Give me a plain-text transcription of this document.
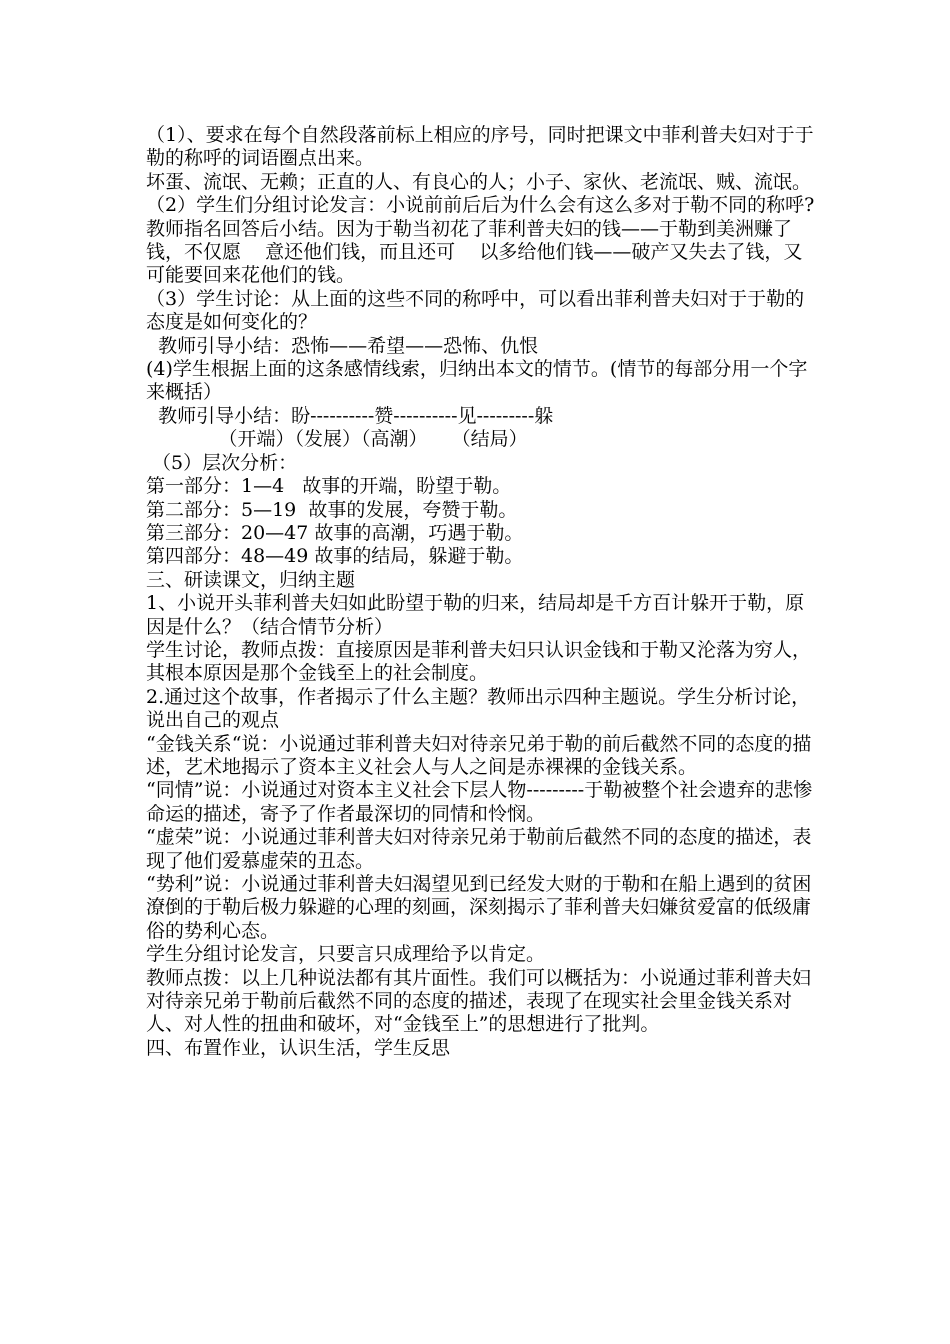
（1）、要求在每个自然段落前标上相应的序号，同时把课文中菲利普夫妇对于于勒的称呼的词语圈点出来。

坏蛋、流氓、无赖；正直的人、有良心的人；小子、家伙、老流氓、贼、流氓。

（2）学生们分组讨论发言：小说前前后后为什么会有这么多对于勒不同的称呼?

教师指名回答后小结。因为于勒当初花了菲利普夫妇的钱——于勒到美洲赚了钱，不仅愿    意还他们钱，而且还可    以多给他们钱——破产又失去了钱，又可能要回来花他们的钱。

（3）学生讨论：从上面的这些不同的称呼中，可以看出菲利普夫妇对于于勒的态度是如何变化的？

教师引导小结：恐怖——希望——恐怖、仇恨

(4)学生根据上面的这条感情线索，归纳出本文的情节。(情节的每部分用一个字来概括）

教师引导小结：盼----------赞----------见---------躲

（开端）（发展）（高潮）    （结局）

（5）层次分析：

第一部分：1—4   故事的开端，盼望于勒。

第二部分：5—19  故事的发展，夸赞于勒。

第三部分：20—47 故事的高潮，巧遇于勒。

第四部分：48—49 故事的结局，躲避于勒。

三、研读课文，归纳主题

1、小说开头菲利普夫妇如此盼望于勒的归来，结局却是千方百计躲开于勒，原因是什么？（结合情节分析）

学生讨论，教师点拨：直接原因是菲利普夫妇只认识金钱和于勒又沦落为穷人，其根本原因是那个金钱至上的社会制度。

2.通过这个故事，作者揭示了什么主题？教师出示四种主题说。学生分析讨论，说出自己的观点

“金钱关系“说：小说通过菲利普夫妇对待亲兄弟于勒的前后截然不同的态度的描述，艺术地揭示了资本主义社会人与人之间是赤裸裸的金钱关系。

“同情”说：小说通过对资本主义社会下层人物---------于勒被整个社会遗弃的悲惨命运的描述，寄予了作者最深切的同情和怜悯。

“虚荣”说：小说通过菲利普夫妇对待亲兄弟于勒前后截然不同的态度的描述，表现了他们爱慕虚荣的丑态。

“势利”说：小说通过菲利普夫妇渴望见到已经发大财的于勒和在船上遇到的贫困潦倒的于勒后极力躲避的心理的刻画，深刻揭示了菲利普夫妇嫌贫爱富的低级庸俗的势利心态。

学生分组讨论发言，只要言只成理给予以肯定。

教师点拨：以上几种说法都有其片面性。我们可以概括为：小说通过菲利普夫妇对待亲兄弟于勒前后截然不同的态度的描述，表现了在现实社会里金钱关系对人、对人性的扭曲和破坏，对“金钱至上”的思想进行了批判。

四、布置作业，认识生活，学生反思
